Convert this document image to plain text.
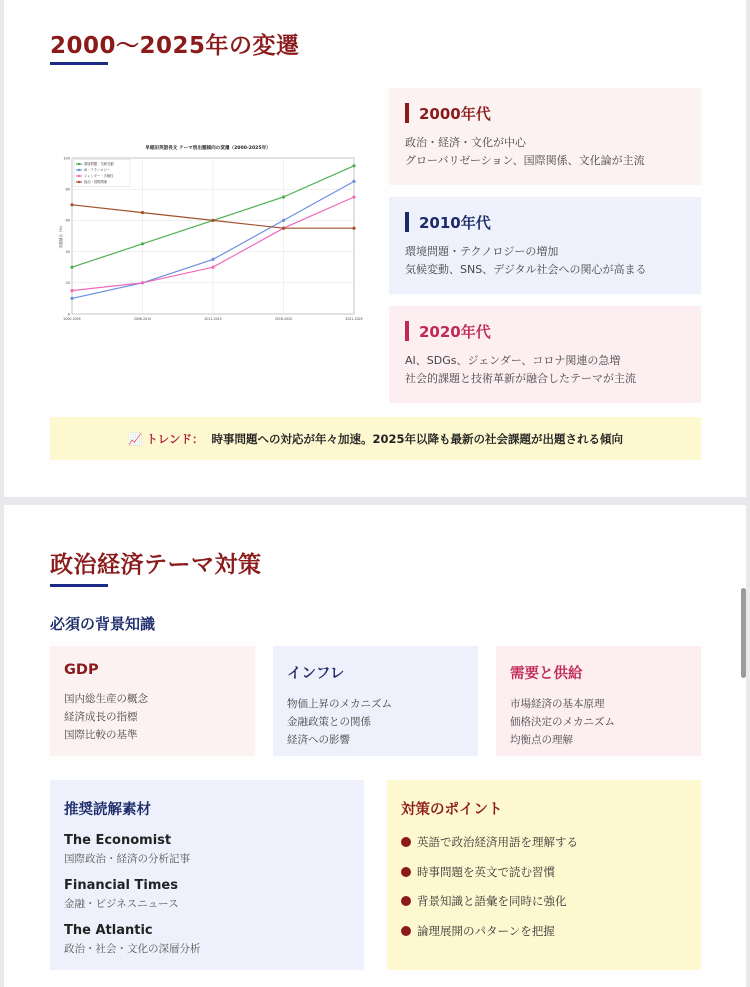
2000〜2025年の変遷
早稲田英語長文 テーマ別出題傾向の変遷（2000-2025年）
0
20
40
60
80
100
2000-2005	2006-2010	2011-2015	2016-2020	2021-2025
出題割合（%）
環境問題・気候変動
AI・テクノロジー
ジェンダー・多様性
政治・国際関係
2000年代
政治・経済・文化が中心
グローバリゼーション、国際関係、文化論が主流
2010年代
環境問題・テクノロジーの増加
気候変動、SNS、デジタル社会への関心が高まる
2020年代
AI、SDGs、ジェンダー、コロナ関連の急増
社会的課題と技術革新が融合したテーマが主流
📈 トレンド： 時事問題への対応が年々加速。2025年以降も最新の社会課題が出題される傾向
政治経済テーマ対策
必須の背景知識
GDP
国内総生産の概念
経済成長の指標
国際比較の基準
インフレ
物価上昇のメカニズム
金融政策との関係
経済への影響
需要と供給
市場経済の基本原理
価格決定のメカニズム
均衡点の理解
推奨読解素材
The Economist
国際政治・経済の分析記事
Financial Times
金融・ビジネスニュース
The Atlantic
政治・社会・文化の深層分析
対策のポイント
英語で政治経済用語を理解する
時事問題を英文で読む習慣
背景知識と語彙を同時に強化
論理展開のパターンを把握
